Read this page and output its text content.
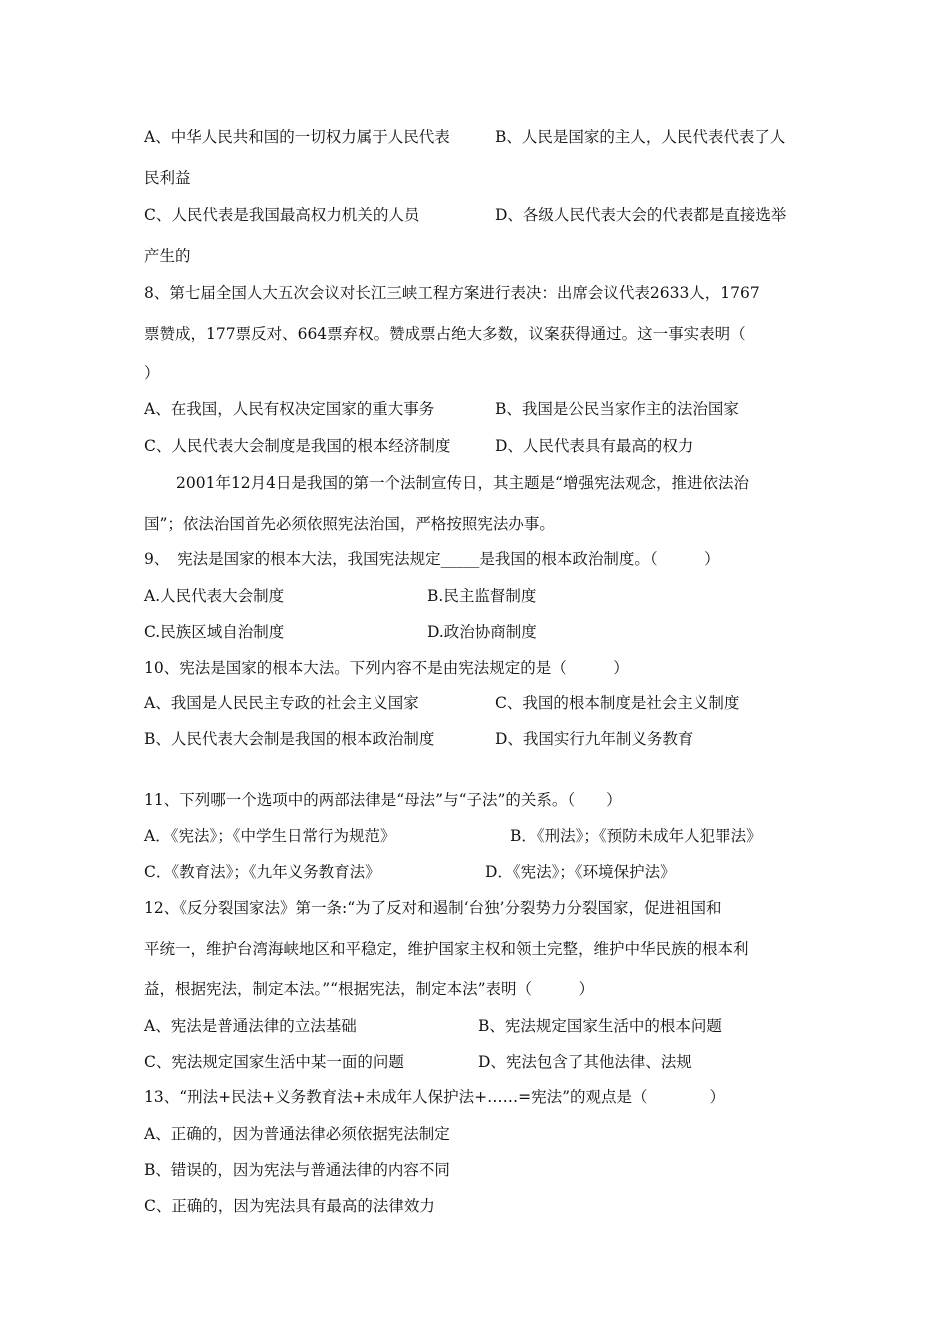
A、中华人民共和国的一切权力属于人民代表	B、人民是国家的主人，人民代表代表了人
民利益
C、人民代表是我国最高权力机关的人员	D、各级人民代表大会的代表都是直接选举
产生的
8、第七届全国人大五次会议对长江三峡工程方案进行表决：出席会议代表2633人，1767
票赞成，177票反对、664票弃权。赞成票占绝大多数，议案获得通过。这一事实表明（
）
A、在我国，人民有权决定国家的重大事务	B、我国是公民当家作主的法治国家
C、人民代表大会制度是我国的根本经济制度	D、人民代表具有最高的权力
2001年12月4日是我国的第一个法制宣传日，其主题是“增强宪法观念，推进依法治
国”；依法治国首先必须依照宪法治国，严格按照宪法办事。
9、　宪法是国家的根本大法，我国宪法规定_____是我国的根本政治制度。（　　　）
A.人民代表大会制度	B.民主监督制度
C.民族区域自治制度	D.政治协商制度
10、宪法是国家的根本大法。下列内容不是由宪法规定的是（　　　）
A、我国是人民民主专政的社会主义国家	C、我国的根本制度是社会主义制度
B、人民代表大会制是我国的根本政治制度	D、我国实行九年制义务教育
11、下列哪一个选项中的两部法律是“母法”与“子法”的关系。（　　）
A．《宪法》；《中学生日常行为规范》	B．《刑法》；《预防未成年人犯罪法》
C．《教育法》；《九年义务教育法》	D．《宪法》；《环境保护法》
12、《反分裂国家法》第一条:“为了反对和遏制‘台独’分裂势力分裂国家，促进祖国和
平统一，维护台湾海峡地区和平稳定，维护国家主权和领土完整，维护中华民族的根本利
益，根据宪法，制定本法。”“根据宪法，制定本法”表明（　　　）
A、宪法是普通法律的立法基础	B、宪法规定国家生活中的根本问题
C、宪法规定国家生活中某一面的问题	D、宪法包含了其他法律、法规
13、“刑法+民法+义务教育法+未成年人保护法+……=宪法”的观点是（　　　　）
A、正确的，因为普通法律必须依据宪法制定
B、错误的，因为宪法与普通法律的内容不同
C、正确的，因为宪法具有最高的法律效力
